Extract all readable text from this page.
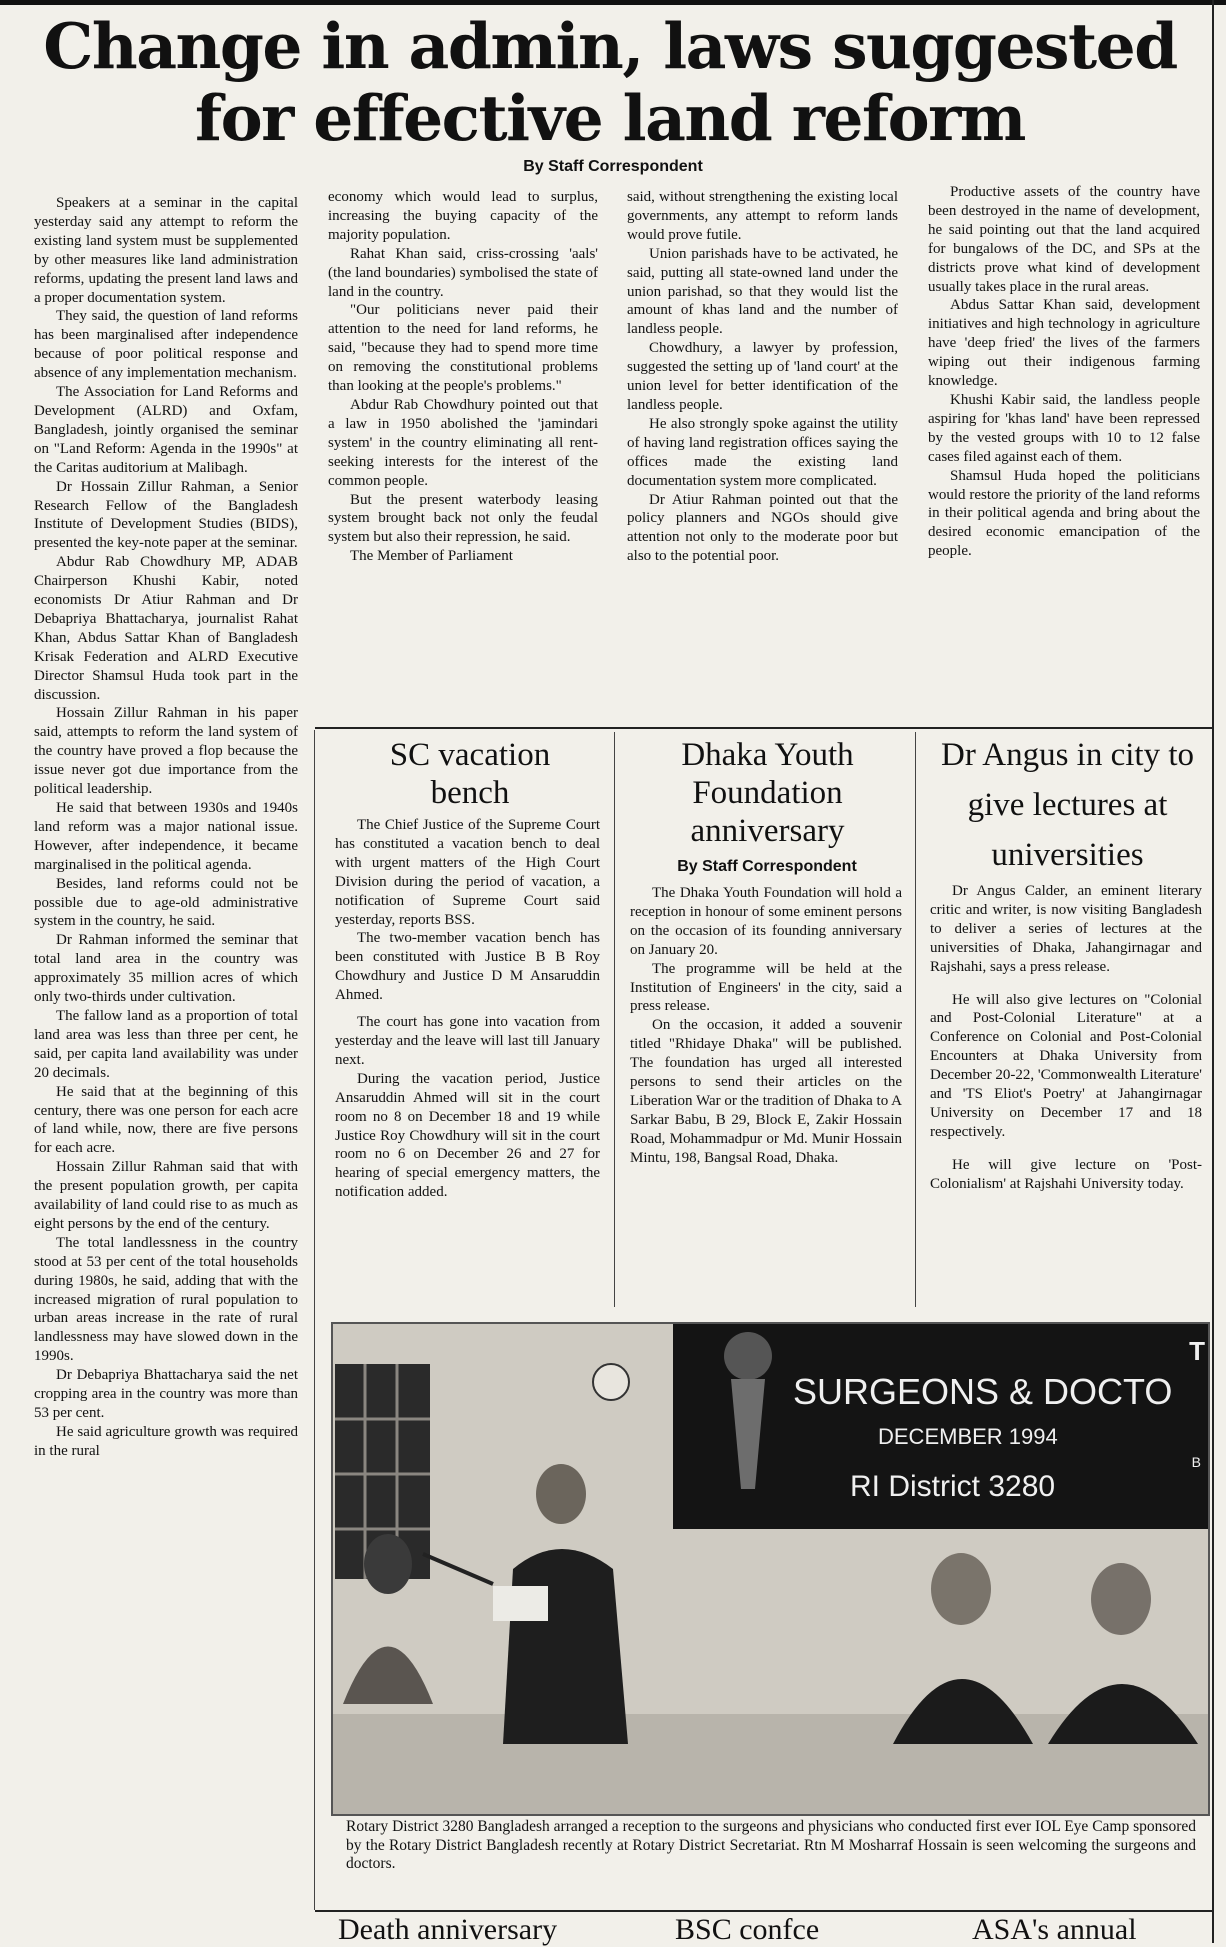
Change in admin, laws suggested
for effective land reform
By Staff Correspondent

Speakers at a seminar in the capital yesterday said any attempt to reform the existing land system must be supplemented by other measures like land administration reforms, updating the present land laws and a proper documentation system.

They said, the question of land reforms has been marginalised after independence because of poor political response and absence of any implementation mechanism.

The Association for Land Reforms and Development (ALRD) and Oxfam, Bangladesh, jointly organised the seminar on "Land Reform: Agenda in the 1990s" at the Caritas auditorium at Malibagh.

Dr Hossain Zillur Rahman, a Senior Research Fellow of the Bangladesh Institute of Development Studies (BIDS), presented the key-note paper at the seminar.

Abdur Rab Chowdhury MP, ADAB Chairperson Khushi Kabir, noted economists Dr Atiur Rahman and Dr Debapriya Bhattacharya, journalist Rahat Khan, Abdus Sattar Khan of Bangladesh Krisak Federation and ALRD Executive Director Shamsul Huda took part in the discussion.

Hossain Zillur Rahman in his paper said, attempts to reform the land system of the country have proved a flop because the issue never got due importance from the political leadership.

He said that between 1930s and 1940s land reform was a major national issue. However, after independence, it became marginalised in the political agenda.

Besides, land reforms could not be possible due to age-old administrative system in the country, he said.

Dr Rahman informed the seminar that total land area in the country was approximately 35 million acres of which only two-thirds under cultivation.

The fallow land as a proportion of total land area was less than three per cent, he said, per capita land availability was under 20 decimals.

He said that at the beginning of this century, there was one person for each acre of land while, now, there are five persons for each acre.

Hossain Zillur Rahman said that with the present population growth, per capita availability of land could rise to as much as eight persons by the end of the century.

The total landlessness in the country stood at 53 per cent of the total households during 1980s, he said, adding that with the increased migration of rural population to urban areas increase in the rate of rural landlessness may have slowed down in the 1990s.

Dr Debapriya Bhattacharya said the net cropping area in the country was more than 53 per cent.

He said agriculture growth was required in the rural

economy which would lead to surplus, increasing the buying capacity of the majority population.

Rahat Khan said, criss-crossing 'aals' (the land boundaries) symbolised the state of land in the country.

"Our politicians never paid their attention to the need for land reforms, he said, "because they had to spend more time on removing the constitutional problems than looking at the people's problems."

Abdur Rab Chowdhury pointed out that a law in 1950 abolished the 'jamindari system' in the country eliminating all rent-seeking interests for the interest of the common people.

But the present waterbody leasing system brought back not only the feudal system but also their repression, he said.

The Member of Parliament

said, without strengthening the existing local governments, any attempt to reform lands would prove futile.

Union parishads have to be activated, he said, putting all state-owned land under the union parishad, so that they would list the amount of khas land and the number of landless people.

Chowdhury, a lawyer by profession, suggested the setting up of 'land court' at the union level for better identification of the landless people.

He also strongly spoke against the utility of having land registration offices saying the offices made the existing land documentation system more complicated.

Dr Atiur Rahman pointed out that the policy planners and NGOs should give attention not only to the moderate poor but also to the potential poor.

Productive assets of the country have been destroyed in the name of development, he said pointing out that the land acquired for bungalows of the DC, and SPs at the districts prove what kind of development usually takes place in the rural areas.

Abdus Sattar Khan said, development initiatives and high technology in agriculture have 'deep fried' the lives of the farmers wiping out their indigenous farming knowledge.

Khushi Kabir said, the landless people aspiring for 'khas land' have been repressed by the vested groups with 10 to 12 false cases filed against each of them.

Shamsul Huda hoped the politicians would restore the priority of the land reforms in their political agenda and bring about the desired economic emancipation of the people.

SC vacation bench

The Chief Justice of the Supreme Court has constituted a vacation bench to deal with urgent matters of the High Court Division during the period of vacation, a notification of Supreme Court said yesterday, reports BSS.

The two-member vacation bench has been constituted with Justice B B Roy Chowdhury and Justice D M Ansaruddin Ahmed.

The court has gone into vacation from yesterday and the leave will last till January next.

During the vacation period, Justice Ansaruddin Ahmed will sit in the court room no 8 on December 18 and 19 while Justice Roy Chowdhury will sit in the court room no 6 on December 26 and 27 for hearing of special emergency matters, the notification added.

Dhaka Youth Foundation anniversary
By Staff Correspondent

The Dhaka Youth Foundation will hold a reception in honour of some eminent persons on the occasion of its founding anniversary on January 20.

The programme will be held at the Institution of Engineers' in the city, said a press release.

On the occasion, it added a souvenir titled "Rhidaye Dhaka" will be published. The foundation has urged all interested persons to send their articles on the Liberation War or the tradition of Dhaka to A Sarkar Babu, B 29, Block E, Zakir Hossain Road, Mohammadpur or Md. Munir Hossain Mintu, 198, Bangsal Road, Dhaka.

Dr Angus in city to give lectures at universities

Dr Angus Calder, an eminent literary critic and writer, is now visiting Bangladesh to deliver a series of lectures at the universities of Dhaka, Jahangirnagar and Rajshahi, says a press release.

He will also give lectures on "Colonial and Post-Colonial Literature" at a Conference on Colonial and Post-Colonial Encounters at Dhaka University from December 20-22, 'Commonwealth Literature' and 'TS Eliot's Poetry' at Jahangirnagar University on December 17 and 18 respectively.

He will give lecture on 'Post-Colonialism' at Rajshahi University today.

T
SURGEONS & DOCTO
DECEMBER 1994
B
RI District 3280
Rotary District 3280 Bangladesh arranged a reception to the surgeons and physicians who conducted first ever IOL Eye Camp sponsored by the Rotary District Bangladesh recently at Rotary District Secretariat. Rtn M Mosharraf Hossain is seen welcoming the surgeons and doctors.
Death anniversary	BSC confce	ASA's annual
